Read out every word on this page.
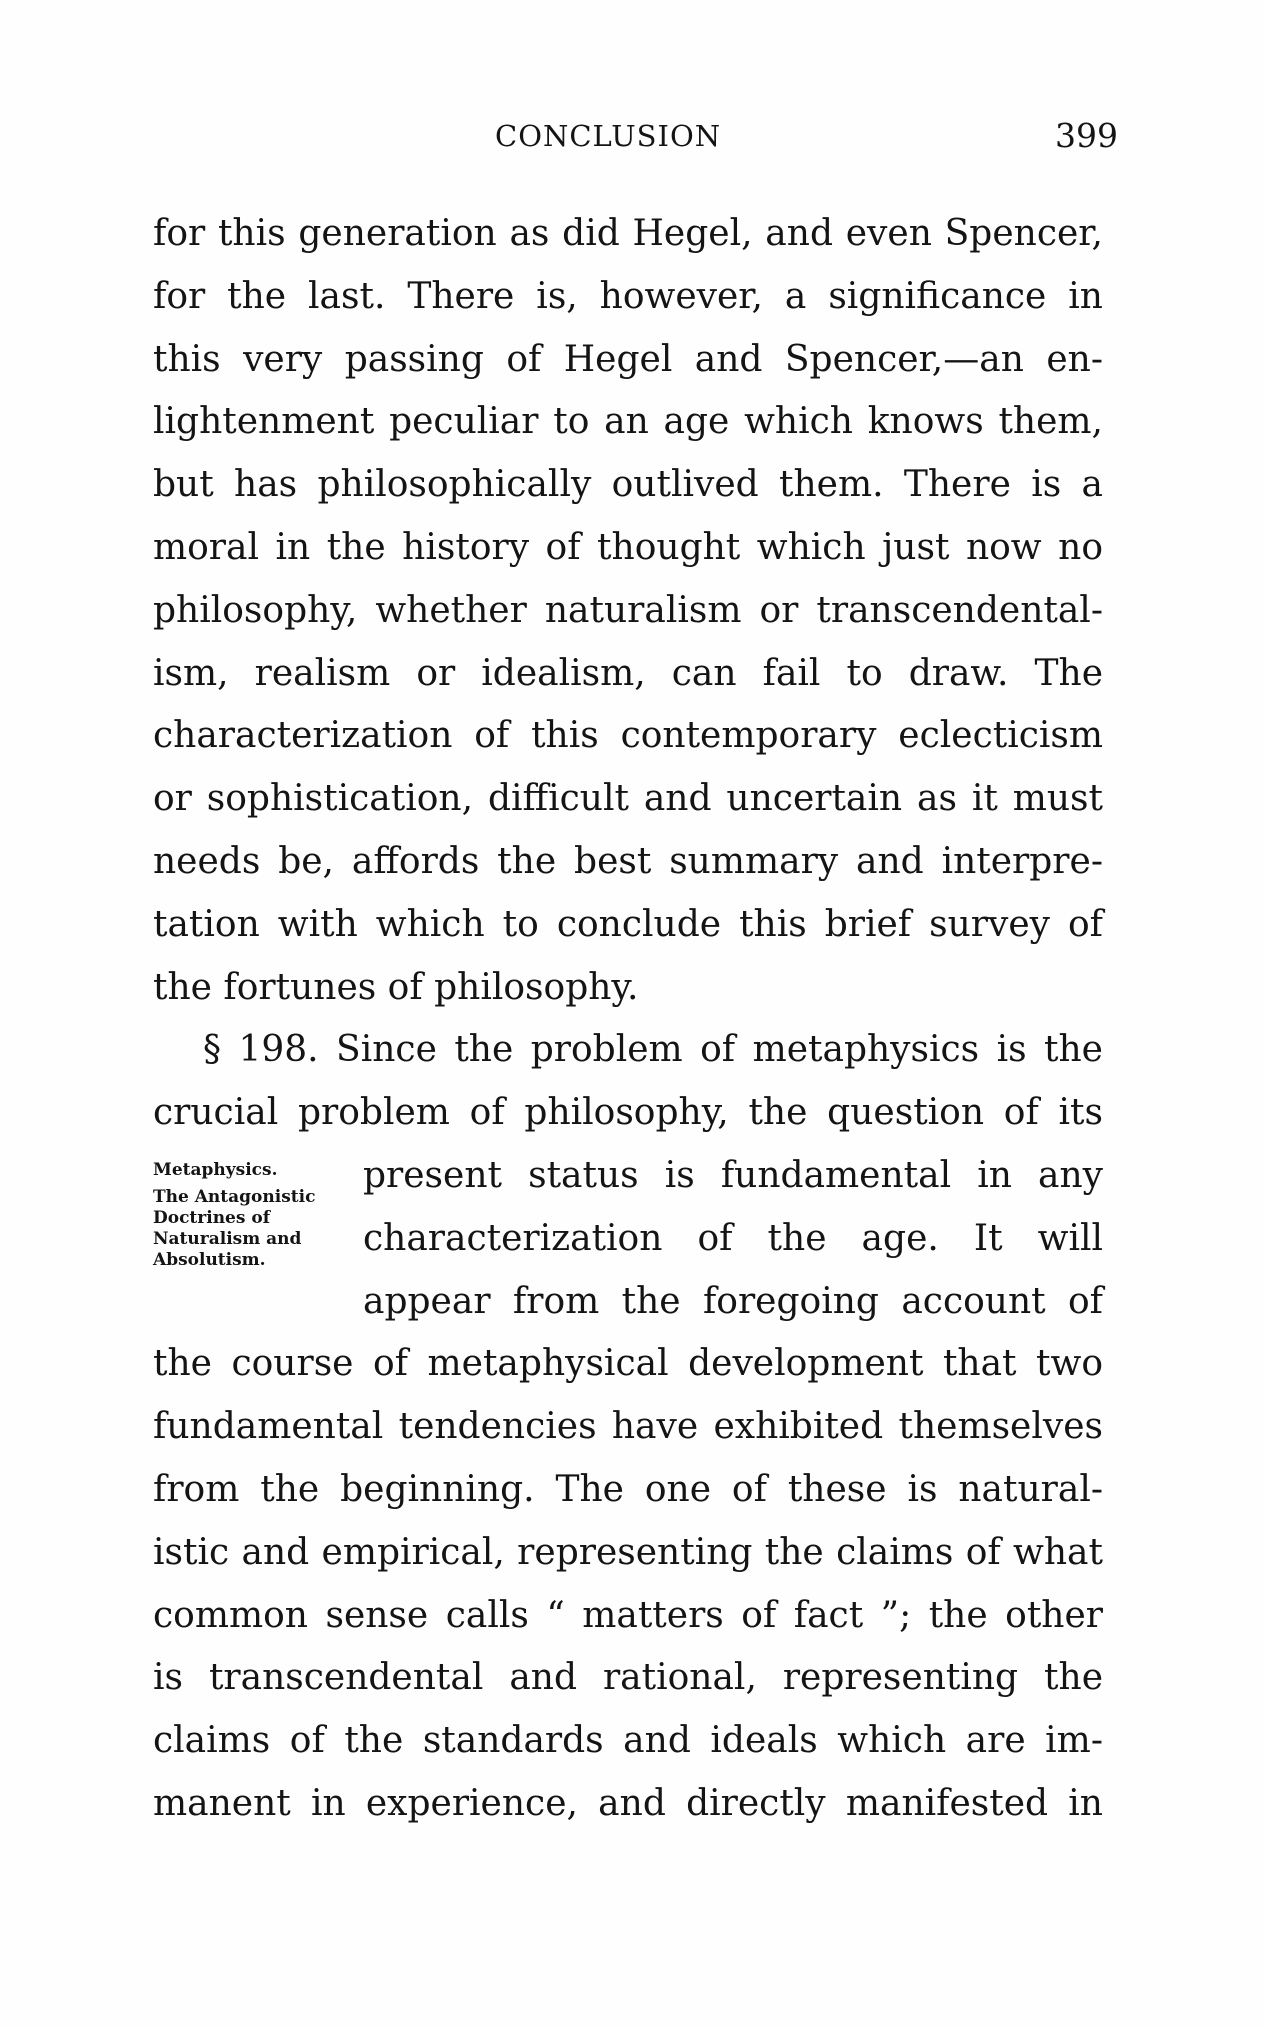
CONCLUSION	399
Metaphysics.
The Antagonistic Doctrines of Naturalism and Absolutism.
for this generation as did Hegel, and even Spencer,
for the last. There is, however, a significance in
this very passing of Hegel and Spencer,—an en-
lightenment peculiar to an age which knows them,
but has philosophically outlived them. There is a
moral in the history of thought which just now no
philosophy, whether naturalism or transcendental-
ism, realism or idealism, can fail to draw. The
characterization of this contemporary eclecticism
or sophistication, difficult and uncertain as it must
needs be, affords the best summary and interpre-
tation with which to conclude this brief survey of
the fortunes of philosophy.
§ 198. Since the problem of metaphysics is the
crucial problem of philosophy, the question of its
present status is fundamental in any
characterization of the age. It will
appear from the foregoing account of
the course of metaphysical development that two
fundamental tendencies have exhibited themselves
from the beginning. The one of these is natural-
istic and empirical, representing the claims of what
common sense calls “ matters of fact ”; the other
is transcendental and rational, representing the
claims of the standards and ideals which are im-
manent in experience, and directly manifested in
